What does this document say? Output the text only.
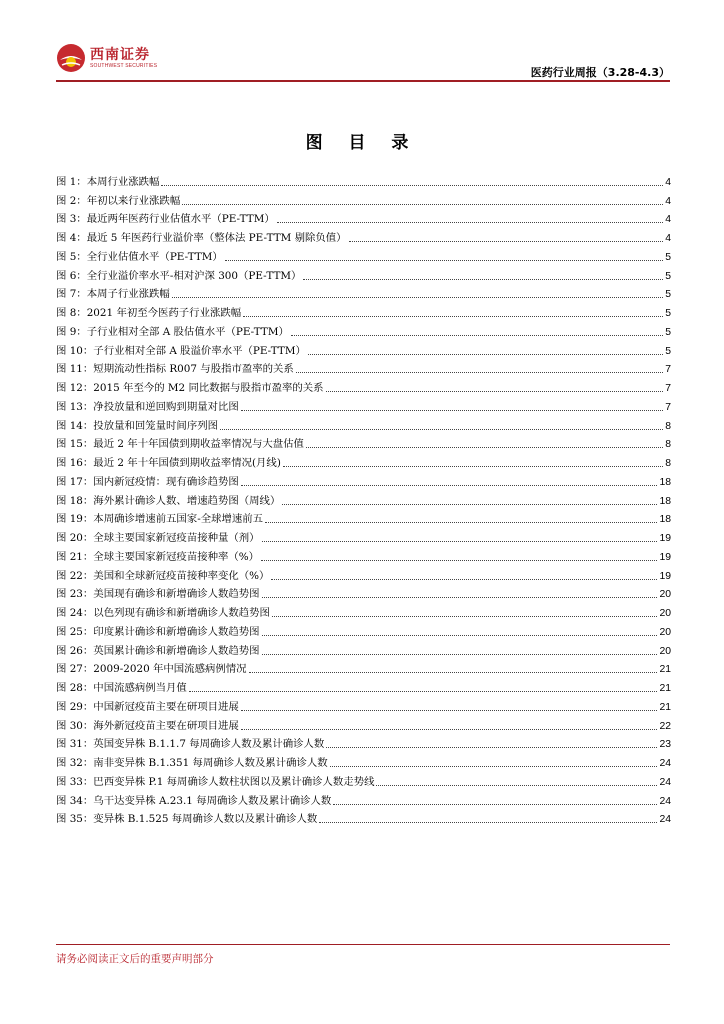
西南证券
SOUTHWEST SECURITIES
医药行业周报（3.28-4.3）
图 目 录
图 1：本周行业涨跌幅	4
图 2：年初以来行业涨跌幅	4
图 3：最近两年医药行业估值水平（PE-TTM）	4
图 4：最近 5 年医药行业溢价率（整体法 PE-TTM 剔除负值）	4
图 5：全行业估值水平（PE-TTM）	5
图 6：全行业溢价率水平-相对沪深 300（PE-TTM）	5
图 7：本周子行业涨跌幅	5
图 8：2021 年初至今医药子行业涨跌幅	5
图 9：子行业相对全部 A 股估值水平（PE-TTM）	5
图 10：子行业相对全部 A 股溢价率水平（PE-TTM）	5
图 11：短期流动性指标 R007 与股指市盈率的关系	7
图 12：2015 年至今的 M2 同比数据与股指市盈率的关系	7
图 13：净投放量和逆回购到期量对比图	7
图 14：投放量和回笼量时间序列图	8
图 15：最近 2 年十年国债到期收益率情况与大盘估值	8
图 16：最近 2 年十年国债到期收益率情况(月线)	8
图 17：国内新冠疫情：现有确诊趋势图	18
图 18：海外累计确诊人数、增速趋势图（周线）	18
图 19：本周确诊增速前五国家-全球增速前五	18
图 20：全球主要国家新冠疫苗接种量（剂）	19
图 21：全球主要国家新冠疫苗接种率（%）	19
图 22：美国和全球新冠疫苗接种率变化（%）	19
图 23：美国现有确诊和新增确诊人数趋势图	20
图 24：以色列现有确诊和新增确诊人数趋势图	20
图 25：印度累计确诊和新增确诊人数趋势图	20
图 26：英国累计确诊和新增确诊人数趋势图	20
图 27：2009-2020 年中国流感病例情况	21
图 28：中国流感病例当月值	21
图 29：中国新冠疫苗主要在研项目进展	21
图 30：海外新冠疫苗主要在研项目进展	22
图 31：英国变异株 B.1.1.7 每周确诊人数及累计确诊人数	23
图 32：南非变异株 B.1.351 每周确诊人数及累计确诊人数	24
图 33：巴西变异株 P.1 每周确诊人数柱状图以及累计确诊人数走势线	24
图 34：乌干达变异株 A.23.1 每周确诊人数及累计确诊人数	24
图 35：变异株 B.1.525 每周确诊人数以及累计确诊人数	24
请务必阅读正文后的重要声明部分
